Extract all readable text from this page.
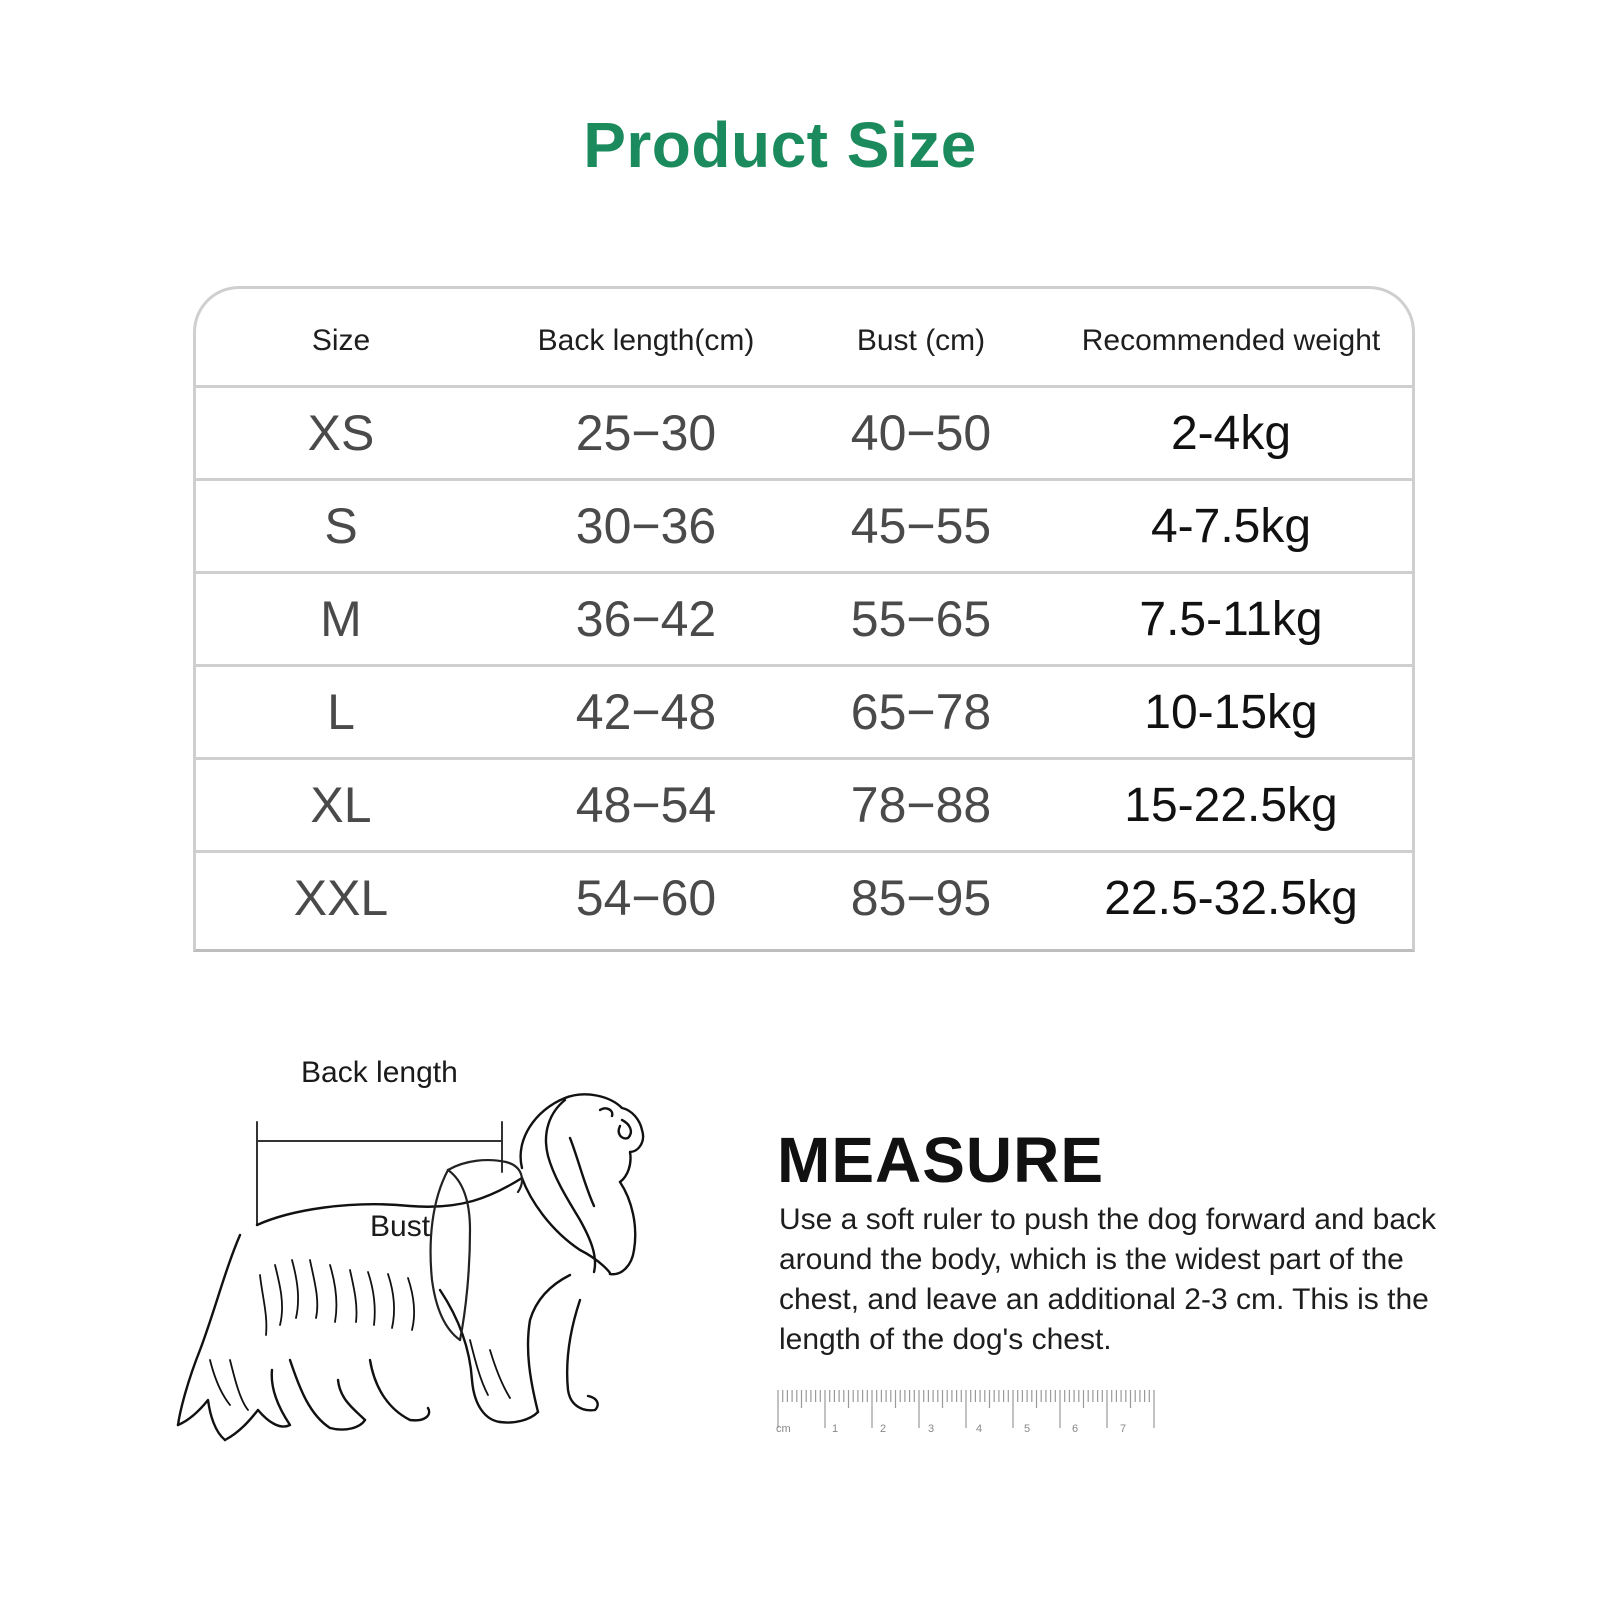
Product Size
Size	Back length(cm)	Bust (cm)	Recommended weight
XS	25−30	40−50	2-4kg
S	30−36	45−55	4-7.5kg
M	36−42	55−65	7.5-11kg
L	42−48	65−78	10-15kg
XL	48−54	78−88	15-22.5kg
XXL	54−60	85−95	22.5-32.5kg
Back length
Bust
MEASURE
Use a soft ruler to push the dog forward and back around the body, which is the widest part of the chest, and leave an additional 2-3 cm. This is the length of the dog's chest.
cm	1	2	3	4	5	6	7
